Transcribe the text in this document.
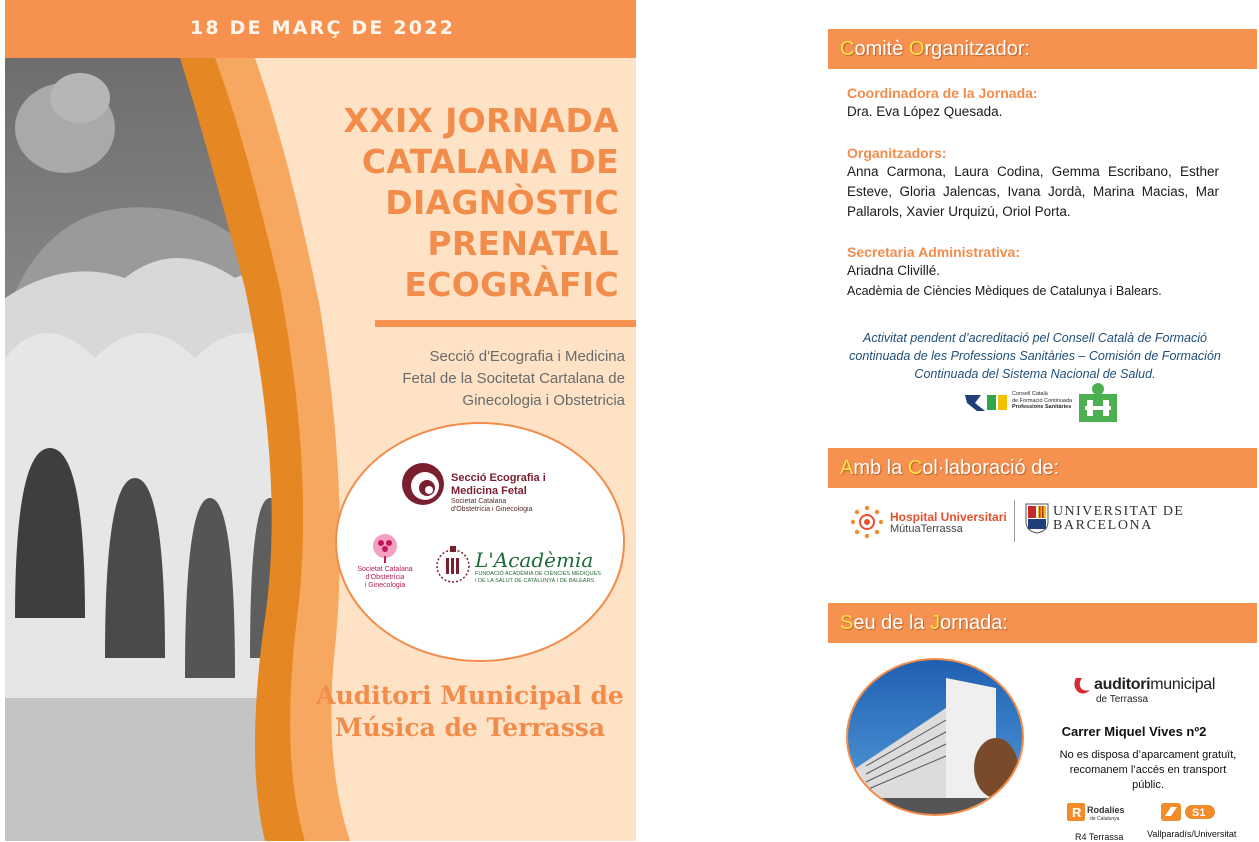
18 DE MARÇ DE 2022
XXIX JORNADA
CATALANA DE
DIAGNÒSTIC
PRENATAL
ECOGRÀFIC
Secció d'Ecografia i Medicina
Fetal de la Socitetat Cartalana de
Ginecologia i Obstetricia
Secció Ecografia i
Medicina Fetal
Societat Catalana
d'Obstetrícia i Ginecologia
Societat Catalana
d'Obstetrícia
i Ginecologia
L'Acadèmia
FUNDACIÓ ACADÈMIA DE CIÈNCIES MÈDIQUES
I DE LA SALUT DE CATALUNYA I DE BALEARS
Auditori Municipal de
Música de Terrassa
Comitè Organitzador:
Coordinadora de la Jornada:
Dra. Eva López Quesada.
Organitzadors:
Anna Carmona, Laura Codina, Gemma Escribano, Esther Esteve, Gloria Jalencas, Ivana Jordà, Marina Macias, Mar Pallarols, Xavier Urquizú, Oriol Porta.
Secretaria Administrativa:
Ariadna Clivillé.
Acadèmia de Ciències Mèdiques de Catalunya i Balears.
Activitat pendent d’acreditació pel Consell Català de Formació continuada de les Professions Sanitàries – Comisión de Formación Continuada del Sistema Nacional de Salud.
Consell Català
de Formació Continuada
Professions Sanitàries
Amb la Col·laboració de:
Hospital Universitari
MútuaTerrassa
UNIVERSITAT DE
BARCELONA
Seu de la Jornada:
auditorimunicipal
de Terrassa
Carrer Miquel Vives nº2
No es disposa d’aparcament gratuït, recomanem l’accés en transport públic.
R Rodalies
de Catalunya	S1
R4 Terrassa	Vallparadís/Universitat
